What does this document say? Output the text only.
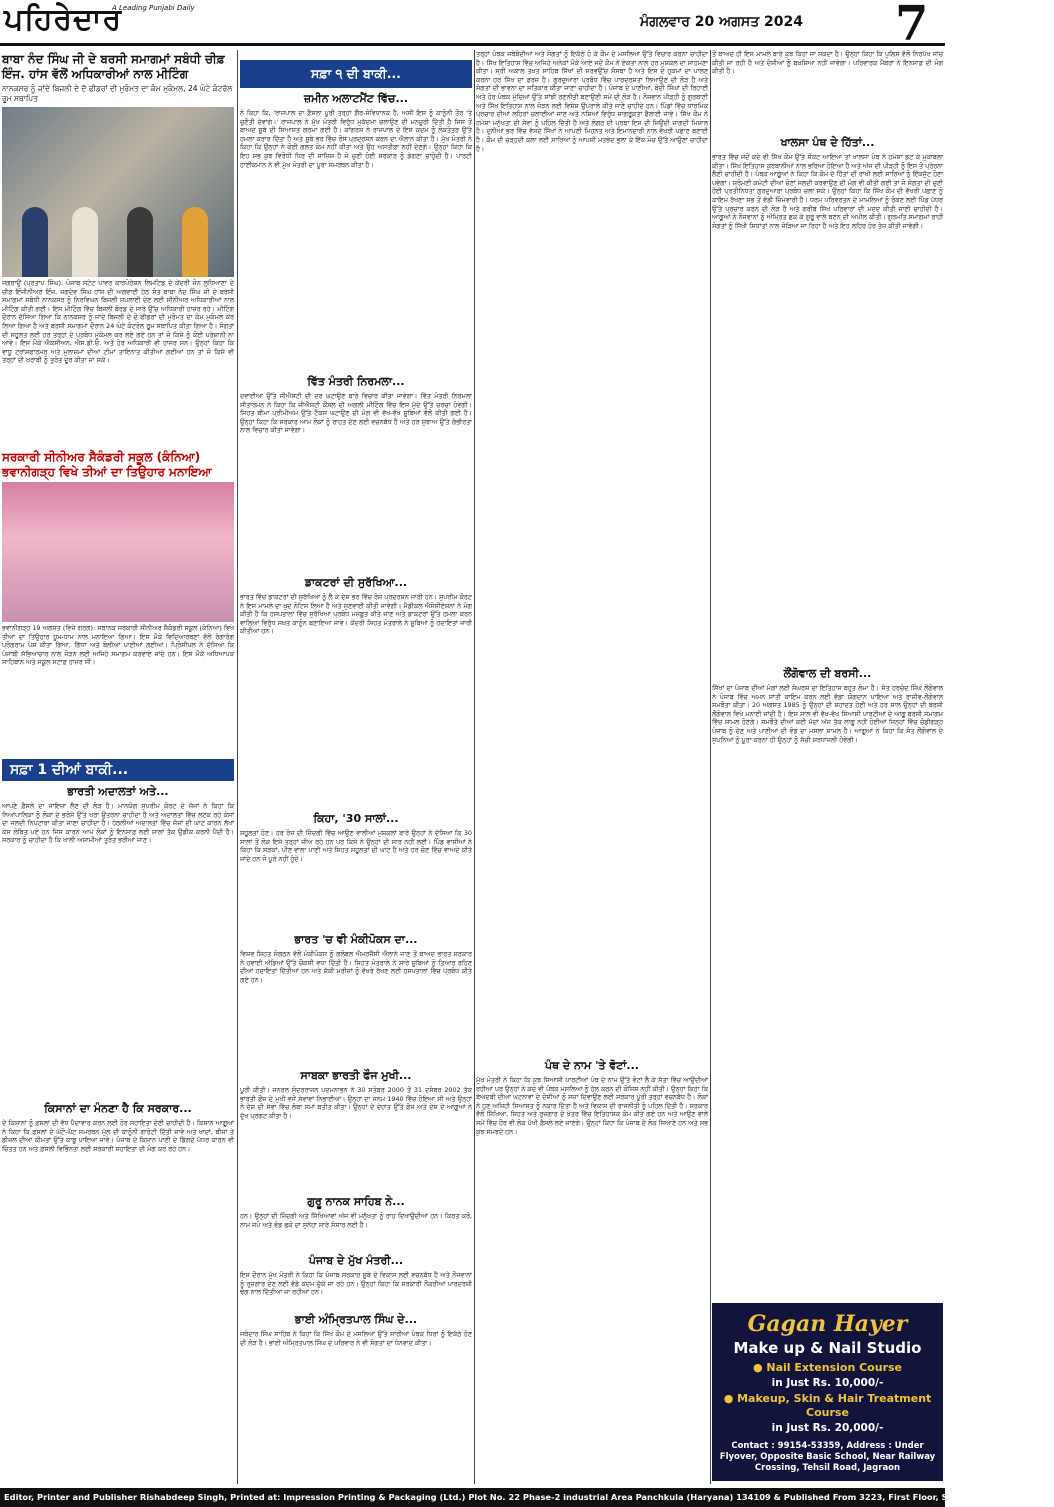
ਪਹਿਰੇਦਾਰ
A Leading Punjabi Daily
ਮੰਗਲਵਾਰ 20 ਅਗਸਤ 2024 7
ਬਾਬਾ ਨੰਦ ਸਿੰਘ ਜੀ ਦੇ ਬਰਸੀ ਸਮਾਗਮਾਂ ਸਬੰਧੀ ਚੀਫ਼ ਇੰਜ. ਹਾਂਸ ਵੱਲੋਂ ਅਧਿਕਾਰੀਆਂ ਨਾਲ ਮੀਟਿੰਗ
ਨਾਨਕਸਰ ਨੂੰ ਜਾਂਦੇ ਬਿਜਲੀ ਦੇ ਦੋ ਫੀਡਰਾਂ ਦੀ ਮੁਰੰਮਤ ਦਾ ਕੰਮ ਮੁਕੰਮਲ, 24 ਘੰਟੇ ਕੰਟਰੋਲ ਰੂਮ ਸਥਾਪਿਤ
ਜਗਰਾਉਂ (ਪ੍ਰਤਾਪ ਸਿੰਘ): ਪੰਜਾਬ ਸਟੇਟ ਪਾਵਰ ਕਾਰਪੋਰੇਸ਼ਨ ਲਿਮਟਿਡ ਦੇ ਕੇਂਦਰੀ ਜੋਨ ਲੁਧਿਆਣਾ ਦੇ ਚੀਫ਼ ਇੰਜੀਨੀਅਰ ਇੰਜ. ਜਗਦੇਵ ਸਿੰਘ ਹਾਂਸ ਦੀ ਅਗਵਾਈ ਹੇਠ ਸੰਤ ਬਾਬਾ ਨੰਦ ਸਿੰਘ ਜੀ ਦੇ ਬਰਸੀ ਸਮਾਗਮਾਂ ਸਬੰਧੀ ਨਾਨਕਸਰ ਨੂੰ ਨਿਰਵਿਘਨ ਬਿਜਲੀ ਸਪਲਾਈ ਦੇਣ ਲਈ ਸੀਨੀਅਰ ਅਧਿਕਾਰੀਆਂ ਨਾਲ ਮੀਟਿੰਗ ਕੀਤੀ ਗਈ। ਇਸ ਮੀਟਿੰਗ ਵਿੱਚ ਬਿਜਲੀ ਬੋਰਡ ਦੇ ਸਾਰੇ ਉੱਚ ਅਧਿਕਾਰੀ ਹਾਜ਼ਰ ਰਹੇ। ਮੀਟਿੰਗ ਦੌਰਾਨ ਦੱਸਿਆ ਗਿਆ ਕਿ ਨਾਨਕਸਰ ਨੂੰ ਜਾਂਦੇ ਬਿਜਲੀ ਦੇ ਦੋ ਫੀਡਰਾਂ ਦੀ ਮੁਰੰਮਤ ਦਾ ਕੰਮ ਮੁਕੰਮਲ ਕਰ ਲਿਆ ਗਿਆ ਹੈ ਅਤੇ ਬਰਸੀ ਸਮਾਗਮਾਂ ਦੌਰਾਨ 24 ਘੰਟੇ ਕੰਟਰੋਲ ਰੂਮ ਸਥਾਪਿਤ ਕੀਤਾ ਗਿਆ ਹੈ। ਸੰਗਤਾਂ ਦੀ ਸਹੂਲਤ ਲਈ ਹਰ ਤਰ੍ਹਾਂ ਦੇ ਪ੍ਰਬੰਧ ਮੁਕੰਮਲ ਕਰ ਲਏ ਗਏ ਹਨ ਤਾਂ ਜੋ ਕਿਸੇ ਨੂੰ ਕੋਈ ਪਰੇਸ਼ਾਨੀ ਨਾ ਆਵੇ। ਇਸ ਮੌਕੇ ਐਕਸੀਅਨ, ਐਸ.ਡੀ.ਓ. ਅਤੇ ਹੋਰ ਅਧਿਕਾਰੀ ਵੀ ਹਾਜ਼ਰ ਸਨ। ਉਨ੍ਹਾਂ ਕਿਹਾ ਕਿ ਵਾਧੂ ਟਰਾਂਸਫਾਰਮਰ ਅਤੇ ਮੁਲਾਜ਼ਮਾਂ ਦੀਆਂ ਟੀਮਾਂ ਤਾਇਨਾਤ ਕੀਤੀਆਂ ਗਈਆਂ ਹਨ ਤਾਂ ਜੋ ਕਿਸੇ ਵੀ ਤਰ੍ਹਾਂ ਦੀ ਖ਼ਰਾਬੀ ਨੂੰ ਤੁਰੰਤ ਦੂਰ ਕੀਤਾ ਜਾ ਸਕੇ।
ਸਰਕਾਰੀ ਸੀਨੀਅਰ ਸੈਕੰਡਰੀ ਸਕੂਲ (ਕੰਨਿਆ) ਭਵਾਨੀਗੜ੍ਹ ਵਿਖੇ ਤੀਆਂ ਦਾ ਤਿਉਹਾਰ ਮਨਾਇਆ
ਭਵਾਨੀਗੜ੍ਹ 19 ਅਗਸਤ (ਵਿਜੇ ਗਰਗ): ਸਥਾਨਕ ਸਰਕਾਰੀ ਸੀਨੀਅਰ ਸੈਕੰਡਰੀ ਸਕੂਲ (ਕੰਨਿਆ) ਵਿਖੇ ਤੀਆਂ ਦਾ ਤਿਉਹਾਰ ਧੂਮ-ਧਾਮ ਨਾਲ ਮਨਾਇਆ ਗਿਆ। ਇਸ ਮੌਕੇ ਵਿਦਿਆਰਥਣਾਂ ਵੱਲੋਂ ਰੰਗਾਰੰਗ ਪ੍ਰੋਗਰਾਮ ਪੇਸ਼ ਕੀਤਾ ਗਿਆ, ਗਿੱਧਾ ਅਤੇ ਬੋਲੀਆਂ ਪਾਈਆਂ ਗਈਆਂ। ਪ੍ਰਿੰਸੀਪਲ ਨੇ ਦੱਸਿਆ ਕਿ ਪੰਜਾਬੀ ਸੱਭਿਆਚਾਰ ਨਾਲ ਜੋੜਨ ਲਈ ਅਜਿਹੇ ਸਮਾਗਮ ਕਰਵਾਏ ਜਾਂਦੇ ਹਨ। ਇਸ ਮੌਕੇ ਅਧਿਆਪਕ ਸਾਹਿਬਾਨ ਅਤੇ ਸਕੂਲ ਸਟਾਫ਼ ਹਾਜ਼ਰ ਸੀ।
ਸਫ਼ਾ 1 ਦੀਆਂ ਬਾਕੀ...
ਭਾਰਤੀ ਅਦਾਲਤਾਂ ਅਤੇ...
ਆਪਣੇ ਫ਼ੈਸਲੇ ਦਾ ਜਾਇਜ਼ਾ ਲੈਣ ਦੀ ਲੋੜ ਹੈ। ਮਾਨਯੋਗ ਸੁਪਰੀਮ ਕੋਰਟ ਦੇ ਜੱਜਾਂ ਨੇ ਕਿਹਾ ਕਿ ਨਿਆਂਪਾਲਿਕਾ ਨੂੰ ਲੋਕਾਂ ਦੇ ਭਰੋਸੇ ਉੱਤੇ ਖਰਾ ਉਤਰਨਾ ਚਾਹੀਦਾ ਹੈ ਅਤੇ ਅਦਾਲਤਾਂ ਵਿੱਚ ਲਟਕ ਰਹੇ ਕੇਸਾਂ ਦਾ ਜਲਦੀ ਨਿਪਟਾਰਾ ਕੀਤਾ ਜਾਣਾ ਚਾਹੀਦਾ ਹੈ। ਹੇਠਲੀਆਂ ਅਦਾਲਤਾਂ ਵਿੱਚ ਜੱਜਾਂ ਦੀ ਘਾਟ ਕਾਰਨ ਲੱਖਾਂ ਕੇਸ ਲੰਬਿਤ ਪਏ ਹਨ ਜਿਸ ਕਾਰਨ ਆਮ ਲੋਕਾਂ ਨੂੰ ਇਨਸਾਫ਼ ਲਈ ਸਾਲਾਂ ਤੱਕ ਉਡੀਕ ਕਰਨੀ ਪੈਂਦੀ ਹੈ। ਸਰਕਾਰ ਨੂੰ ਚਾਹੀਦਾ ਹੈ ਕਿ ਖਾਲੀ ਅਸਾਮੀਆਂ ਤੁਰੰਤ ਭਰੀਆਂ ਜਾਣ।
ਕਿਸਾਨਾਂ ਦਾ ਮੰਨਣਾ ਹੈ ਕਿ ਸਰਕਾਰ...
ਦੇ ਕਿਸਾਨਾਂ ਨੂੰ ਫ਼ਸਲਾਂ ਦੀ ਵੱਧ ਪੈਦਾਵਾਰ ਕਰਨ ਲਈ ਹੋਰ ਸਹਾਇਤਾ ਦੇਣੀ ਚਾਹੀਦੀ ਹੈ। ਕਿਸਾਨ ਆਗੂਆਂ ਨੇ ਕਿਹਾ ਕਿ ਫ਼ਸਲਾਂ ਦੇ ਘੱਟੋ-ਘੱਟ ਸਮਰਥਨ ਮੁੱਲ ਦੀ ਕਾਨੂੰਨੀ ਗਾਰੰਟੀ ਦਿੱਤੀ ਜਾਵੇ ਅਤੇ ਖਾਦਾਂ, ਬੀਜਾਂ ਤੇ ਡੀਜ਼ਲ ਦੀਆਂ ਕੀਮਤਾਂ ਉੱਤੇ ਕਾਬੂ ਪਾਇਆ ਜਾਵੇ। ਪੰਜਾਬ ਦੇ ਕਿਸਾਨ ਪਾਣੀ ਦੇ ਡਿੱਗਦੇ ਪੱਧਰ ਕਾਰਨ ਵੀ ਚਿੰਤਤ ਹਨ ਅਤੇ ਫ਼ਸਲੀ ਵਿਭਿੰਨਤਾ ਲਈ ਸਰਕਾਰੀ ਸਹਾਇਤਾ ਦੀ ਮੰਗ ਕਰ ਰਹੇ ਹਨ।
ਸਫ਼ਾ ੧ ਦੀ ਬਾਕੀ...
ਜ਼ਮੀਨ ਅਲਾਟਮੈਂਟ ਵਿੱਚ...
ਨੇ ਕਿਹਾ ਕਿ, 'ਰਾਜਪਾਲ ਦਾ ਫ਼ੈਸਲਾ ਪੂਰੀ ਤਰ੍ਹਾਂ ਗ਼ੈਰ-ਸੰਵਿਧਾਨਕ ਹੈ, ਅਸੀਂ ਇਸ ਨੂੰ ਕਾਨੂੰਨੀ ਤੌਰ 'ਤੇ ਚੁਣੌਤੀ ਦੇਵਾਂਗੇ।' ਰਾਜਪਾਲ ਨੇ ਮੁੱਖ ਮੰਤਰੀ ਵਿਰੁੱਧ ਮੁਕੱਦਮਾ ਚਲਾਉਣ ਦੀ ਮਨਜ਼ੂਰੀ ਦਿੱਤੀ ਹੈ ਜਿਸ ਤੋਂ ਬਾਅਦ ਸੂਬੇ ਦੀ ਸਿਆਸਤ ਗਰਮਾ ਗਈ ਹੈ। ਕਾਂਗਰਸ ਨੇ ਰਾਜਪਾਲ ਦੇ ਇਸ ਕਦਮ ਨੂੰ ਲੋਕਤੰਤਰ ਉੱਤੇ ਹਮਲਾ ਕਰਾਰ ਦਿੱਤਾ ਹੈ ਅਤੇ ਸੂਬੇ ਭਰ ਵਿੱਚ ਰੋਸ ਪ੍ਰਦਰਸ਼ਨ ਕਰਨ ਦਾ ਐਲਾਨ ਕੀਤਾ ਹੈ। ਮੁੱਖ ਮੰਤਰੀ ਨੇ ਕਿਹਾ ਕਿ ਉਨ੍ਹਾਂ ਨੇ ਕੋਈ ਗਲਤ ਕੰਮ ਨਹੀਂ ਕੀਤਾ ਅਤੇ ਉਹ ਅਸਤੀਫ਼ਾ ਨਹੀਂ ਦੇਣਗੇ। ਉਨ੍ਹਾਂ ਕਿਹਾ ਕਿ ਇਹ ਸਭ ਕੁਝ ਵਿਰੋਧੀ ਧਿਰ ਦੀ ਸਾਜ਼ਿਸ਼ ਹੈ ਜੋ ਚੁਣੀ ਹੋਈ ਸਰਕਾਰ ਨੂੰ ਡੇਗਣਾ ਚਾਹੁੰਦੀ ਹੈ। ਪਾਰਟੀ ਹਾਈਕਮਾਨ ਨੇ ਵੀ ਮੁੱਖ ਮੰਤਰੀ ਦਾ ਪੂਰਾ ਸਮਰਥਨ ਕੀਤਾ ਹੈ।
ਵਿੱਤ ਮੰਤਰੀ ਨਿਰਮਲਾ...
ਦਵਾਈਆਂ ਉੱਤੇ ਜੀਐਸਟੀ ਦੀ ਦਰ ਘਟਾਉਣ ਬਾਰੇ ਵਿਚਾਰ ਕੀਤਾ ਜਾਵੇਗਾ। ਵਿੱਤ ਮੰਤਰੀ ਨਿਰਮਲਾ ਸੀਤਾਰਮਨ ਨੇ ਕਿਹਾ ਕਿ ਜੀਐਸਟੀ ਕੌਂਸਲ ਦੀ ਅਗਲੀ ਮੀਟਿੰਗ ਵਿੱਚ ਇਸ ਮੁੱਦੇ ਉੱਤੇ ਚਰਚਾ ਹੋਵੇਗੀ। ਸਿਹਤ ਬੀਮਾ ਪ੍ਰੀਮੀਅਮ ਉੱਤੇ ਟੈਕਸ ਘਟਾਉਣ ਦੀ ਮੰਗ ਵੀ ਵੱਖ-ਵੱਖ ਸੂਬਿਆਂ ਵੱਲੋਂ ਕੀਤੀ ਗਈ ਹੈ। ਉਨ੍ਹਾਂ ਕਿਹਾ ਕਿ ਸਰਕਾਰ ਆਮ ਲੋਕਾਂ ਨੂੰ ਰਾਹਤ ਦੇਣ ਲਈ ਵਚਨਬੱਧ ਹੈ ਅਤੇ ਹਰ ਸੁਝਾਅ ਉੱਤੇ ਗੰਭੀਰਤਾ ਨਾਲ ਵਿਚਾਰ ਕੀਤਾ ਜਾਵੇਗਾ।
ਡਾਕਟਰਾਂ ਦੀ ਸੁਰੱਖਿਆ...
ਭਾਰਤ ਵਿੱਚ ਡਾਕਟਰਾਂ ਦੀ ਸੁਰੱਖਿਆ ਨੂੰ ਲੈ ਕੇ ਦੇਸ਼ ਭਰ ਵਿੱਚ ਰੋਸ ਪ੍ਰਦਰਸ਼ਨ ਜਾਰੀ ਹਨ। ਸੁਪਰੀਮ ਕੋਰਟ ਨੇ ਇਸ ਮਾਮਲੇ ਦਾ ਖ਼ੁਦ ਨੋਟਿਸ ਲਿਆ ਹੈ ਅਤੇ ਸੁਣਵਾਈ ਕੀਤੀ ਜਾਵੇਗੀ। ਮੈਡੀਕਲ ਐਸੋਸੀਏਸ਼ਨਾਂ ਨੇ ਮੰਗ ਕੀਤੀ ਹੈ ਕਿ ਹਸਪਤਾਲਾਂ ਵਿੱਚ ਸੁਰੱਖਿਆ ਪ੍ਰਬੰਧ ਮਜ਼ਬੂਤ ਕੀਤੇ ਜਾਣ ਅਤੇ ਡਾਕਟਰਾਂ ਉੱਤੇ ਹਮਲਾ ਕਰਨ ਵਾਲਿਆਂ ਵਿਰੁੱਧ ਸਖ਼ਤ ਕਾਨੂੰਨ ਬਣਾਇਆ ਜਾਵੇ। ਕੇਂਦਰੀ ਸਿਹਤ ਮੰਤਰਾਲੇ ਨੇ ਸੂਬਿਆਂ ਨੂੰ ਹਦਾਇਤਾਂ ਜਾਰੀ ਕੀਤੀਆਂ ਹਨ।
ਕਿਹਾ, '30 ਸਾਲਾਂ...
ਸਹੂਲਤਾਂ ਹੋਣ। ਹਰ ਰੋਜ਼ ਦੀ ਜ਼ਿੰਦਗੀ ਵਿੱਚ ਆਉਣ ਵਾਲੀਆਂ ਮੁਸ਼ਕਲਾਂ ਬਾਰੇ ਉਨ੍ਹਾਂ ਨੇ ਦੱਸਿਆ ਕਿ 30 ਸਾਲਾਂ ਤੋਂ ਲੋਕ ਇਸੇ ਤਰ੍ਹਾਂ ਜੀਅ ਰਹੇ ਹਨ ਪਰ ਕਿਸੇ ਨੇ ਉਨ੍ਹਾਂ ਦੀ ਸਾਰ ਨਹੀਂ ਲਈ। ਪਿੰਡ ਵਾਸੀਆਂ ਨੇ ਕਿਹਾ ਕਿ ਸੜਕਾਂ, ਪੀਣ ਵਾਲਾ ਪਾਣੀ ਅਤੇ ਸਿਹਤ ਸਹੂਲਤਾਂ ਦੀ ਘਾਟ ਹੈ ਅਤੇ ਹਰ ਚੋਣ ਵਿੱਚ ਵਾਅਦੇ ਕੀਤੇ ਜਾਂਦੇ ਹਨ ਜੋ ਪੂਰੇ ਨਹੀਂ ਹੁੰਦੇ।
ਭਾਰਤ 'ਚ ਵੀ ਮੰਕੀਪੋਕਸ ਦਾ...
ਵਿਸ਼ਵ ਸਿਹਤ ਸੰਗਠਨ ਵੱਲੋਂ ਮੰਕੀਪੋਕਸ ਨੂੰ ਗਲੋਬਲ ਐਮਰਜੈਂਸੀ ਐਲਾਨੇ ਜਾਣ ਤੋਂ ਬਾਅਦ ਭਾਰਤ ਸਰਕਾਰ ਨੇ ਹਵਾਈ ਅੱਡਿਆਂ ਉੱਤੇ ਚੌਕਸੀ ਵਧਾ ਦਿੱਤੀ ਹੈ। ਸਿਹਤ ਮੰਤਰਾਲੇ ਨੇ ਸਾਰੇ ਸੂਬਿਆਂ ਨੂੰ ਤਿਆਰ ਰਹਿਣ ਦੀਆਂ ਹਦਾਇਤਾਂ ਦਿੱਤੀਆਂ ਹਨ ਅਤੇ ਸ਼ੱਕੀ ਮਰੀਜ਼ਾਂ ਨੂੰ ਵੱਖਰੇ ਰੱਖਣ ਲਈ ਹਸਪਤਾਲਾਂ ਵਿੱਚ ਪ੍ਰਬੰਧ ਕੀਤੇ ਗਏ ਹਨ।
ਸਾਬਕਾ ਭਾਰਤੀ ਫੌਜ ਮੁਖੀ...
ਪੂਰੀ ਕੀਤੀ। ਜਨਰਲ ਸੁੰਦਰਰਾਜਨ ਪਦਮਨਾਭਨ ਨੇ 30 ਸਤੰਬਰ 2000 ਤੋਂ 31 ਦਸੰਬਰ 2002 ਤੱਕ ਭਾਰਤੀ ਫੌਜ ਦੇ ਮੁਖੀ ਵਜੋਂ ਸੇਵਾਵਾਂ ਨਿਭਾਈਆਂ। ਉਨ੍ਹਾਂ ਦਾ ਜਨਮ 1940 ਵਿੱਚ ਹੋਇਆ ਸੀ ਅਤੇ ਉਨ੍ਹਾਂ ਨੇ ਦੇਸ਼ ਦੀ ਸੇਵਾ ਵਿੱਚ ਲੰਬਾ ਸਮਾਂ ਬਤੀਤ ਕੀਤਾ। ਉਨ੍ਹਾਂ ਦੇ ਦੇਹਾਂਤ ਉੱਤੇ ਫੌਜ ਅਤੇ ਦੇਸ਼ ਦੇ ਆਗੂਆਂ ਨੇ ਦੁੱਖ ਪ੍ਰਗਟ ਕੀਤਾ ਹੈ।
ਗੁਰੂ ਨਾਨਕ ਸਾਹਿਬ ਨੇ...
ਹਨ। ਉਨ੍ਹਾਂ ਦੀ ਜ਼ਿੰਦਗੀ ਅਤੇ ਸਿੱਖਿਆਵਾਂ ਅੱਜ ਵੀ ਮਨੁੱਖਤਾ ਨੂੰ ਰਾਹ ਦਿਖਾਉਂਦੀਆਂ ਹਨ। ਕਿਰਤ ਕਰੋ, ਨਾਮ ਜਪੋ ਅਤੇ ਵੰਡ ਛਕੋ ਦਾ ਸੁਨੇਹਾ ਸਾਰੇ ਸੰਸਾਰ ਲਈ ਹੈ।
ਪੰਜਾਬ ਦੇ ਮੁੱਖ ਮੰਤਰੀ...
ਇਸ ਦੌਰਾਨ ਮੁੱਖ ਮੰਤਰੀ ਨੇ ਕਿਹਾ ਕਿ ਪੰਜਾਬ ਸਰਕਾਰ ਸੂਬੇ ਦੇ ਵਿਕਾਸ ਲਈ ਵਚਨਬੱਧ ਹੈ ਅਤੇ ਨੌਜਵਾਨਾਂ ਨੂੰ ਰੁਜ਼ਗਾਰ ਦੇਣ ਲਈ ਵੱਡੇ ਕਦਮ ਚੁੱਕੇ ਜਾ ਰਹੇ ਹਨ। ਉਨ੍ਹਾਂ ਕਿਹਾ ਕਿ ਸਰਕਾਰੀ ਨੌਕਰੀਆਂ ਪਾਰਦਰਸ਼ੀ ਢੰਗ ਨਾਲ ਦਿੱਤੀਆਂ ਜਾ ਰਹੀਆਂ ਹਨ।
ਭਾਈ ਅੰਮ੍ਰਿਤਪਾਲ ਸਿੰਘ ਦੇ...
ਜਥੇਦਾਰ ਸਿੰਘ ਸਾਹਿਬ ਨੇ ਕਿਹਾ ਕਿ ਸਿੱਖ ਕੌਮ ਦੇ ਮਸਲਿਆਂ ਉੱਤੇ ਸਾਰੀਆਂ ਪੰਥਕ ਧਿਰਾਂ ਨੂੰ ਇਕੱਠੇ ਹੋਣ ਦੀ ਲੋੜ ਹੈ। ਭਾਈ ਅੰਮ੍ਰਿਤਪਾਲ ਸਿੰਘ ਦੇ ਪਰਿਵਾਰ ਨੇ ਵੀ ਸੰਗਤਾਂ ਦਾ ਧੰਨਵਾਦ ਕੀਤਾ।
ਤਰ੍ਹਾਂ ਪੰਥਕ ਜਥੇਬੰਦੀਆਂ ਅਤੇ ਸੰਗਤਾਂ ਨੂੰ ਇਕੱਠੇ ਹੋ ਕੇ ਕੌਮ ਦੇ ਮਸਲਿਆਂ ਉੱਤੇ ਵਿਚਾਰ ਕਰਨਾ ਚਾਹੀਦਾ ਹੈ। ਸਿੱਖ ਇਤਿਹਾਸ ਵਿੱਚ ਅਜਿਹੇ ਅਨੇਕਾਂ ਮੌਕੇ ਆਏ ਜਦੋਂ ਕੌਮ ਨੇ ਏਕਤਾ ਨਾਲ ਹਰ ਮੁਸ਼ਕਲ ਦਾ ਸਾਹਮਣਾ ਕੀਤਾ। ਸ੍ਰੀ ਅਕਾਲ ਤਖ਼ਤ ਸਾਹਿਬ ਸਿੱਖਾਂ ਦੀ ਸਰਵਉੱਚ ਸੰਸਥਾ ਹੈ ਅਤੇ ਇਸ ਦੇ ਹੁਕਮਾਂ ਦਾ ਪਾਲਣ ਕਰਨਾ ਹਰ ਸਿੱਖ ਦਾ ਫ਼ਰਜ਼ ਹੈ। ਗੁਰਦੁਆਰਾ ਪ੍ਰਬੰਧ ਵਿੱਚ ਪਾਰਦਰਸ਼ਤਾ ਲਿਆਉਣ ਦੀ ਲੋੜ ਹੈ ਅਤੇ ਸੰਗਤਾਂ ਦੀ ਭਾਵਨਾ ਦਾ ਸਤਿਕਾਰ ਕੀਤਾ ਜਾਣਾ ਚਾਹੀਦਾ ਹੈ। ਪੰਜਾਬ ਦੇ ਪਾਣੀਆਂ, ਬੰਦੀ ਸਿੰਘਾਂ ਦੀ ਰਿਹਾਈ ਅਤੇ ਹੋਰ ਪੰਥਕ ਮੁੱਦਿਆਂ ਉੱਤੇ ਸਾਂਝੀ ਰਣਨੀਤੀ ਬਣਾਉਣੀ ਸਮੇਂ ਦੀ ਲੋੜ ਹੈ। ਨੌਜਵਾਨ ਪੀੜ੍ਹੀ ਨੂੰ ਗੁਰਬਾਣੀ ਅਤੇ ਸਿੱਖ ਇਤਿਹਾਸ ਨਾਲ ਜੋੜਨ ਲਈ ਵਿਸ਼ੇਸ਼ ਉਪਰਾਲੇ ਕੀਤੇ ਜਾਣੇ ਚਾਹੀਦੇ ਹਨ। ਪਿੰਡਾਂ ਵਿੱਚ ਧਾਰਮਿਕ ਪ੍ਰਚਾਰ ਦੀਆਂ ਲਹਿਰਾਂ ਚਲਾਈਆਂ ਜਾਣ ਅਤੇ ਨਸ਼ਿਆਂ ਵਿਰੁੱਧ ਜਾਗਰੂਕਤਾ ਫੈਲਾਈ ਜਾਵੇ। ਸਿੱਖ ਕੌਮ ਨੇ ਹਮੇਸ਼ਾ ਮਨੁੱਖਤਾ ਦੀ ਸੇਵਾ ਨੂੰ ਪਹਿਲ ਦਿੱਤੀ ਹੈ ਅਤੇ ਲੰਗਰ ਦੀ ਪ੍ਰਥਾ ਇਸ ਦੀ ਜਿਉਂਦੀ ਜਾਗਦੀ ਮਿਸਾਲ ਹੈ। ਦੁਨੀਆਂ ਭਰ ਵਿੱਚ ਵੱਸਦੇ ਸਿੱਖਾਂ ਨੇ ਆਪਣੀ ਮਿਹਨਤ ਅਤੇ ਇਮਾਨਦਾਰੀ ਨਾਲ ਵੱਖਰੀ ਪਛਾਣ ਬਣਾਈ ਹੈ। ਕੌਮ ਦੀ ਚੜ੍ਹਦੀ ਕਲਾ ਲਈ ਸਾਰਿਆਂ ਨੂੰ ਆਪਸੀ ਮਤਭੇਦ ਭੁਲਾ ਕੇ ਇੱਕ ਮੰਚ ਉੱਤੇ ਆਉਣਾ ਚਾਹੀਦਾ ਹੈ।
ਪੰਥ ਦੇ ਨਾਮ 'ਤੇ ਵੋਟਾਂ...
ਮੁੱਖ ਮੰਤਰੀ ਨੇ ਕਿਹਾ ਕਿ ਕੁਝ ਸਿਆਸੀ ਪਾਰਟੀਆਂ ਪੰਥ ਦੇ ਨਾਮ ਉੱਤੇ ਵੋਟਾਂ ਲੈ ਕੇ ਸੱਤਾ ਵਿੱਚ ਆਉਂਦੀਆਂ ਰਹੀਆਂ ਪਰ ਉਨ੍ਹਾਂ ਨੇ ਕਦੇ ਵੀ ਪੰਥਕ ਮਸਲਿਆਂ ਨੂੰ ਹੱਲ ਕਰਨ ਦੀ ਕੋਸ਼ਿਸ਼ ਨਹੀਂ ਕੀਤੀ। ਉਨ੍ਹਾਂ ਕਿਹਾ ਕਿ ਬੇਅਦਬੀ ਦੀਆਂ ਘਟਨਾਵਾਂ ਦੇ ਦੋਸ਼ੀਆਂ ਨੂੰ ਸਜ਼ਾ ਦਿਵਾਉਣ ਲਈ ਸਰਕਾਰ ਪੂਰੀ ਤਰ੍ਹਾਂ ਵਚਨਬੱਧ ਹੈ। ਲੋਕਾਂ ਨੇ ਹੁਣ ਅਜਿਹੀ ਸਿਆਸਤ ਨੂੰ ਨਕਾਰ ਦਿੱਤਾ ਹੈ ਅਤੇ ਵਿਕਾਸ ਦੀ ਰਾਜਨੀਤੀ ਨੂੰ ਪਹਿਲ ਦਿੱਤੀ ਹੈ। ਸਰਕਾਰ ਵੱਲੋਂ ਸਿੱਖਿਆ, ਸਿਹਤ ਅਤੇ ਰੁਜ਼ਗਾਰ ਦੇ ਖੇਤਰ ਵਿੱਚ ਇਤਿਹਾਸਕ ਕੰਮ ਕੀਤੇ ਗਏ ਹਨ ਅਤੇ ਆਉਣ ਵਾਲੇ ਸਮੇਂ ਵਿੱਚ ਹੋਰ ਵੀ ਲੋਕ ਪੱਖੀ ਫ਼ੈਸਲੇ ਲਏ ਜਾਣਗੇ। ਉਨ੍ਹਾਂ ਕਿਹਾ ਕਿ ਪੰਜਾਬ ਦੇ ਲੋਕ ਸਿਆਣੇ ਹਨ ਅਤੇ ਸਭ ਕੁਝ ਸਮਝਦੇ ਹਨ।
ਤੋਂ ਬਾਅਦ ਹੀ ਇਸ ਮਾਮਲੇ ਬਾਰੇ ਕੁਝ ਕਿਹਾ ਜਾ ਸਕਦਾ ਹੈ। ਉਨ੍ਹਾਂ ਕਿਹਾ ਕਿ ਪੁਲਿਸ ਵੱਲੋਂ ਨਿਰਪੱਖ ਜਾਂਚ ਕੀਤੀ ਜਾ ਰਹੀ ਹੈ ਅਤੇ ਦੋਸ਼ੀਆਂ ਨੂੰ ਬਖ਼ਸ਼ਿਆ ਨਹੀਂ ਜਾਵੇਗਾ। ਪਰਿਵਾਰਕ ਮੈਂਬਰਾਂ ਨੇ ਇਨਸਾਫ਼ ਦੀ ਮੰਗ ਕੀਤੀ ਹੈ।
ਖਾਲਸਾ ਪੰਥ ਦੇ ਹਿੱਤਾਂ...
ਭਾਰਤ ਵਿੱਚ ਜਦੋਂ ਕਦੇ ਵੀ ਸਿੱਖ ਕੌਮ ਉੱਤੇ ਸੰਕਟ ਆਇਆ ਤਾਂ ਖਾਲਸਾ ਪੰਥ ਨੇ ਹਮੇਸ਼ਾ ਡਟ ਕੇ ਮੁਕਾਬਲਾ ਕੀਤਾ। ਸਿੱਖ ਇਤਿਹਾਸ ਕੁਰਬਾਨੀਆਂ ਨਾਲ ਭਰਿਆ ਹੋਇਆ ਹੈ ਅਤੇ ਅੱਜ ਦੀ ਪੀੜ੍ਹੀ ਨੂੰ ਇਸ ਤੋਂ ਪ੍ਰੇਰਨਾ ਲੈਣੀ ਚਾਹੀਦੀ ਹੈ। ਪੰਥਕ ਆਗੂਆਂ ਨੇ ਕਿਹਾ ਕਿ ਕੌਮ ਦੇ ਹਿੱਤਾਂ ਦੀ ਰਾਖੀ ਲਈ ਸਾਰਿਆਂ ਨੂੰ ਇੱਕਜੁੱਟ ਹੋਣਾ ਪਵੇਗਾ। ਸ਼੍ਰੋਮਣੀ ਕਮੇਟੀ ਦੀਆਂ ਚੋਣਾਂ ਜਲਦੀ ਕਰਵਾਉਣ ਦੀ ਮੰਗ ਵੀ ਕੀਤੀ ਗਈ ਤਾਂ ਜੋ ਸੰਗਤਾਂ ਦੀ ਚੁਣੀ ਹੋਈ ਪ੍ਰਤੀਨਿਧਤਾ ਗੁਰਦੁਆਰਾ ਪ੍ਰਬੰਧ ਚਲਾ ਸਕੇ। ਉਨ੍ਹਾਂ ਕਿਹਾ ਕਿ ਸਿੱਖ ਕੌਮ ਦੀ ਵੱਖਰੀ ਪਛਾਣ ਨੂੰ ਕਾਇਮ ਰੱਖਣਾ ਸਭ ਤੋਂ ਵੱਡੀ ਜ਼ਿੰਮੇਵਾਰੀ ਹੈ। ਧਰਮ ਪਰਿਵਰਤਨ ਦੇ ਮਾਮਲਿਆਂ ਨੂੰ ਰੋਕਣ ਲਈ ਪਿੰਡ ਪੱਧਰ ਉੱਤੇ ਪ੍ਰਚਾਰ ਕਰਨ ਦੀ ਲੋੜ ਹੈ ਅਤੇ ਗਰੀਬ ਸਿੱਖ ਪਰਿਵਾਰਾਂ ਦੀ ਮਦਦ ਕੀਤੀ ਜਾਣੀ ਚਾਹੀਦੀ ਹੈ। ਆਗੂਆਂ ਨੇ ਨੌਜਵਾਨਾਂ ਨੂੰ ਅੰਮ੍ਰਿਤ ਛਕ ਕੇ ਗੁਰੂ ਵਾਲੇ ਬਣਨ ਦੀ ਅਪੀਲ ਕੀਤੀ। ਗੁਰਮਤਿ ਸਮਾਗਮਾਂ ਰਾਹੀਂ ਸੰਗਤਾਂ ਨੂੰ ਸਿੱਖੀ ਸਿਧਾਂਤਾਂ ਨਾਲ ਜੋੜਿਆ ਜਾ ਰਿਹਾ ਹੈ ਅਤੇ ਇਹ ਲਹਿਰ ਹੋਰ ਤੇਜ਼ ਕੀਤੀ ਜਾਵੇਗੀ।
ਲੌਂਗੋਵਾਲ ਦੀ ਬਰਸੀ...
ਸਿੱਖਾਂ ਦਾ ਪੰਜਾਬ ਦੀਆਂ ਮੰਗਾਂ ਲਈ ਸੰਘਰਸ਼ ਦਾ ਇਤਿਹਾਸ ਬਹੁਤ ਲੰਮਾ ਹੈ। ਸੰਤ ਹਰਚੰਦ ਸਿੰਘ ਲੌਂਗੋਵਾਲ ਨੇ ਪੰਜਾਬ ਵਿੱਚ ਅਮਨ ਸ਼ਾਂਤੀ ਕਾਇਮ ਕਰਨ ਲਈ ਵੱਡਾ ਯੋਗਦਾਨ ਪਾਇਆ ਅਤੇ ਰਾਜੀਵ-ਲੌਂਗੋਵਾਲ ਸਮਝੌਤਾ ਕੀਤਾ। 20 ਅਗਸਤ 1985 ਨੂੰ ਉਨ੍ਹਾਂ ਦੀ ਸ਼ਹਾਦਤ ਹੋਈ ਅਤੇ ਹਰ ਸਾਲ ਉਨ੍ਹਾਂ ਦੀ ਬਰਸੀ ਲੌਂਗੋਵਾਲ ਵਿਖੇ ਮਨਾਈ ਜਾਂਦੀ ਹੈ। ਇਸ ਸਾਲ ਵੀ ਵੱਖ-ਵੱਖ ਸਿਆਸੀ ਪਾਰਟੀਆਂ ਦੇ ਆਗੂ ਬਰਸੀ ਸਮਾਗਮ ਵਿੱਚ ਸ਼ਾਮਲ ਹੋਣਗੇ। ਸਮਝੌਤੇ ਦੀਆਂ ਕਈ ਮੱਦਾਂ ਅੱਜ ਤੱਕ ਲਾਗੂ ਨਹੀਂ ਹੋਈਆਂ ਜਿਨ੍ਹਾਂ ਵਿੱਚ ਚੰਡੀਗੜ੍ਹ ਪੰਜਾਬ ਨੂੰ ਦੇਣ ਅਤੇ ਪਾਣੀਆਂ ਦੀ ਵੰਡ ਦਾ ਮਸਲਾ ਸ਼ਾਮਲ ਹੈ। ਆਗੂਆਂ ਨੇ ਕਿਹਾ ਕਿ ਸੰਤ ਲੌਂਗੋਵਾਲ ਦੇ ਸੁਪਨਿਆਂ ਨੂੰ ਪੂਰਾ ਕਰਨਾ ਹੀ ਉਨ੍ਹਾਂ ਨੂੰ ਸੱਚੀ ਸ਼ਰਧਾਂਜਲੀ ਹੋਵੇਗੀ।
Gagan Hayer
Make up & Nail Studio
● Nail Extension Course
in Just Rs. 10,000/-
● Makeup, Skin & Hair Treatment Course
in Just Rs. 20,000/-
Contact : 99154-53359, Address : Under Flyover, Opposite Basic School, Near Railway Crossing, Tehsil Road, Jagraon
Editor, Printer and Publisher Rishabdeep Singh, Printed at: Impression Printing & Packaging (Ltd.) Plot No. 22 Phase-2 industrial Area Panchkula (Haryana) 134109 & Published From 3223, First Floor, Sector-35D, Chandigarh
